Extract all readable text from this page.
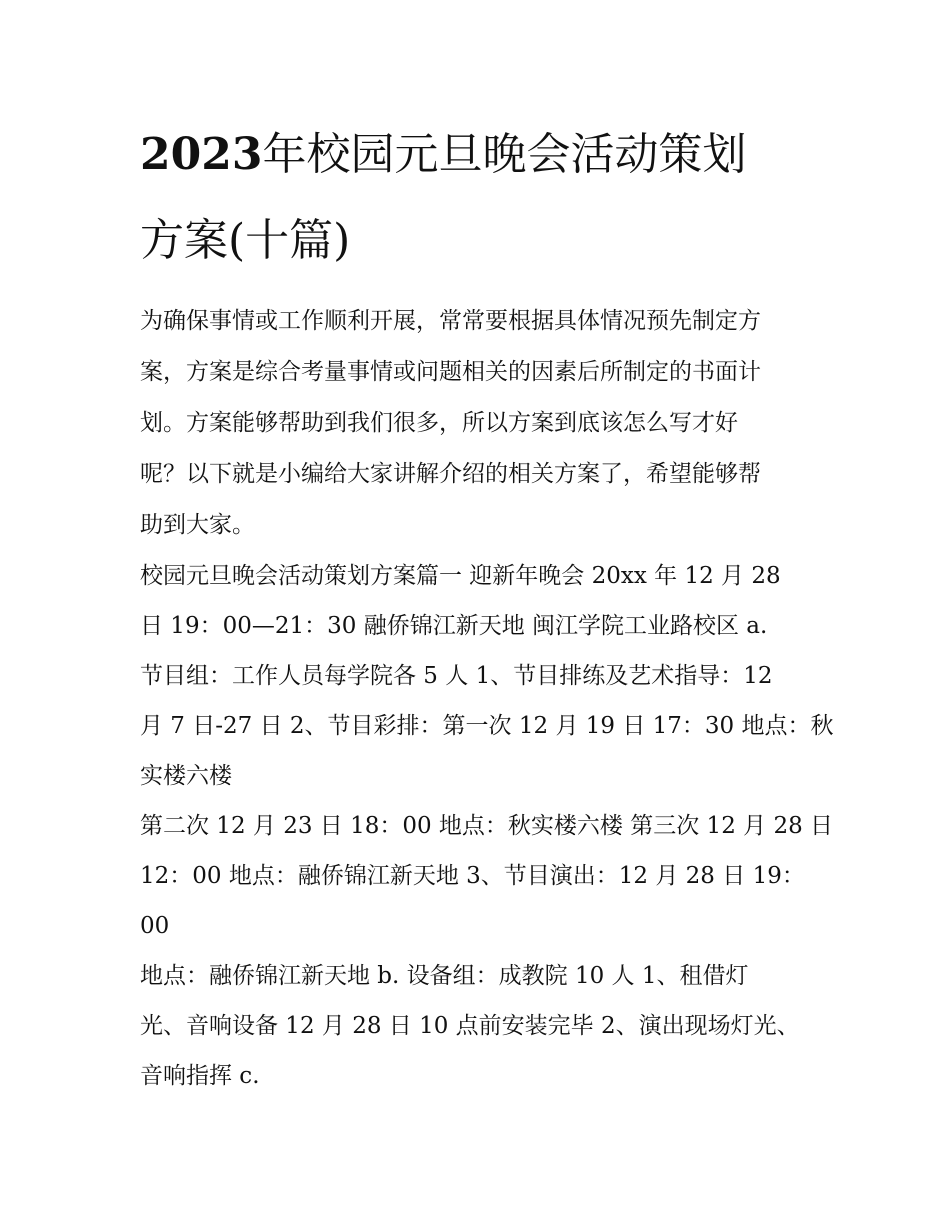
2023年校园元旦晚会活动策划
方案(十篇)

为确保事情或工作顺利开展，常常要根据具体情况预先制定方
案，方案是综合考量事情或问题相关的因素后所制定的书面计
划。方案能够帮助到我们很多，所以方案到底该怎么写才好
呢？以下就是小编给大家讲解介绍的相关方案了，希望能够帮
助到大家。

校园元旦晚会活动策划方案篇一 迎新年晚会 20xx 年 12 月 28
日 19：00—21：30 融侨锦江新天地 闽江学院工业路校区 a.
节目组：工作人员每学院各 5 人 1、节目排练及艺术指导：12
月 7 日-27 日 2、节目彩排：第一次 12 月 19 日 17：30 地点：秋
实楼六楼

第二次 12 月 23 日 18：00 地点：秋实楼六楼 第三次 12 月 28 日
12：00 地点：融侨锦江新天地 3、节目演出：12 月 28 日 19：
00

地点：融侨锦江新天地 b. 设备组：成教院 10 人 1、租借灯
光、音响设备 12 月 28 日 10 点前安装完毕 2、演出现场灯光、
音响指挥 c.
